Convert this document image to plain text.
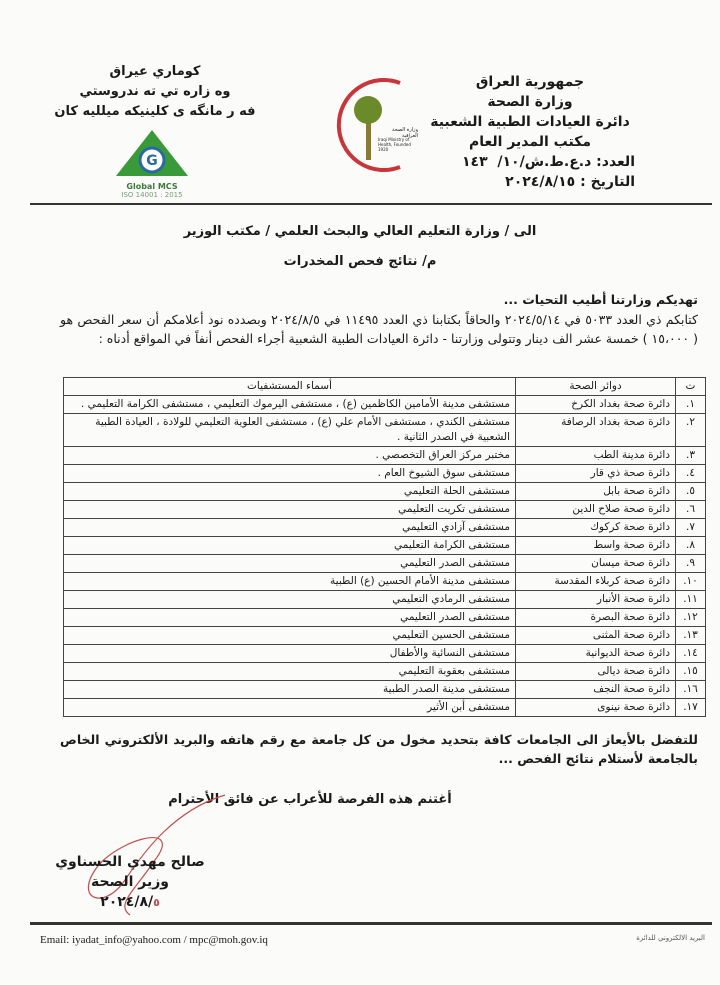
جمهورية العراق
وزارة الصحة
دائرة العيادات الطبية الشعبية
مكتب المدير العام
العدد: د.ع.ط.ش/١٠/  ١٤٣
التاريخ : ٢٠٢٤/٨/١٥
كوماري عيراق
وه زاره تي ته ندروستي
فه ر مانگه ى كلينيكه ميلليه كان
G
Global MCS
ISO 14001 : 2015
وزارة الصحة العراقية
Iraqi Ministry of Health, Founded 1920
الى / وزارة التعليم العالي والبحث العلمي / مكتب الوزير
م/ نتائج فحص المخدرات
تهديكم وزارتنا أطيب التحيات ...
كتابكم ذي العدد ٥٠٣٣ في ٢٠٢٤/٥/١٤ والحاقاً بكتابنا ذي العدد ١١٤٩٥ في ٢٠٢٤/٨/٥ وبصدده نود أعلامكم أن سعر الفحص هو ( ١٥،٠٠٠ ) خمسة عشر الف دينار وتتولى وزارتنا - دائرة العيادات الطبية الشعبية أجراء الفحص أنفاً في المواقع أدناه :
ت	دوائر الصحة	أسماء المستشفيات
١.	دائرة صحة بغداد الكرخ	مستشفى مدينة الأمامين الكاظمين (ع) ، مستشفى اليرموك التعليمي ، مستشفى الكرامة التعليمي .
٢.	دائرة صحة بغداد الرصافة	مستشفى الكندي ، مستشفى الأمام علي (ع) ، مستشفى العلوية التعليمي للولادة ، العيادة الطبية الشعبية في الصدر الثانية .
٣.	دائرة مدينة الطب	مختبر مركز العراق التخصصي .
٤.	دائرة صحة ذي قار	مستشفى سوق الشيوخ العام .
٥.	دائرة صحة بابل	مستشفى الحلة التعليمي
٦.	دائرة صحة صلاح الدين	مستشفى تكريت التعليمي
٧.	دائرة صحة كركوك	مستشفى آزادي التعليمي
٨.	دائرة صحة واسط	مستشفى الكرامة التعليمي
٩.	دائرة صحة ميسان	مستشفى الصدر التعليمي
١٠.	دائرة صحة كربلاء المقدسة	مستشفى مدينة الأمام الحسين (ع) الطبية
١١.	دائرة صحة الأنبار	مستشفى الرمادي التعليمي
١٢.	دائرة صحة البصرة	مستشفى الصدر التعليمي
١٣.	دائرة صحة المثنى	مستشفى الحسين التعليمي
١٤.	دائرة صحة الديوانية	مستشفى النسائية والأطفال
١٥.	دائرة صحة ديالى	مستشفى بعقوبة التعليمي
١٦.	دائرة صحة النجف	مستشفى مدينة الصدر الطبية
١٧.	دائرة صحة نينوى	مستشفى أبن الأثير
للتفضل بالأيعاز الى الجامعات كافة بتحديد مخول من كل جامعة مع رقم هاتفه والبريد الألكتروني الخاص بالجامعة لأستلام نتائج الفحص ...
أغتنم هذه الفرصة للأعراب عن فائق الأحترام
صالح مهدي الحسناوي
وزير الصحة
٢٠٢٤/٨/٥
Email: iyadat_info@yahoo.com / mpc@moh.gov.iq	البريد الالكتروني للدائرة
